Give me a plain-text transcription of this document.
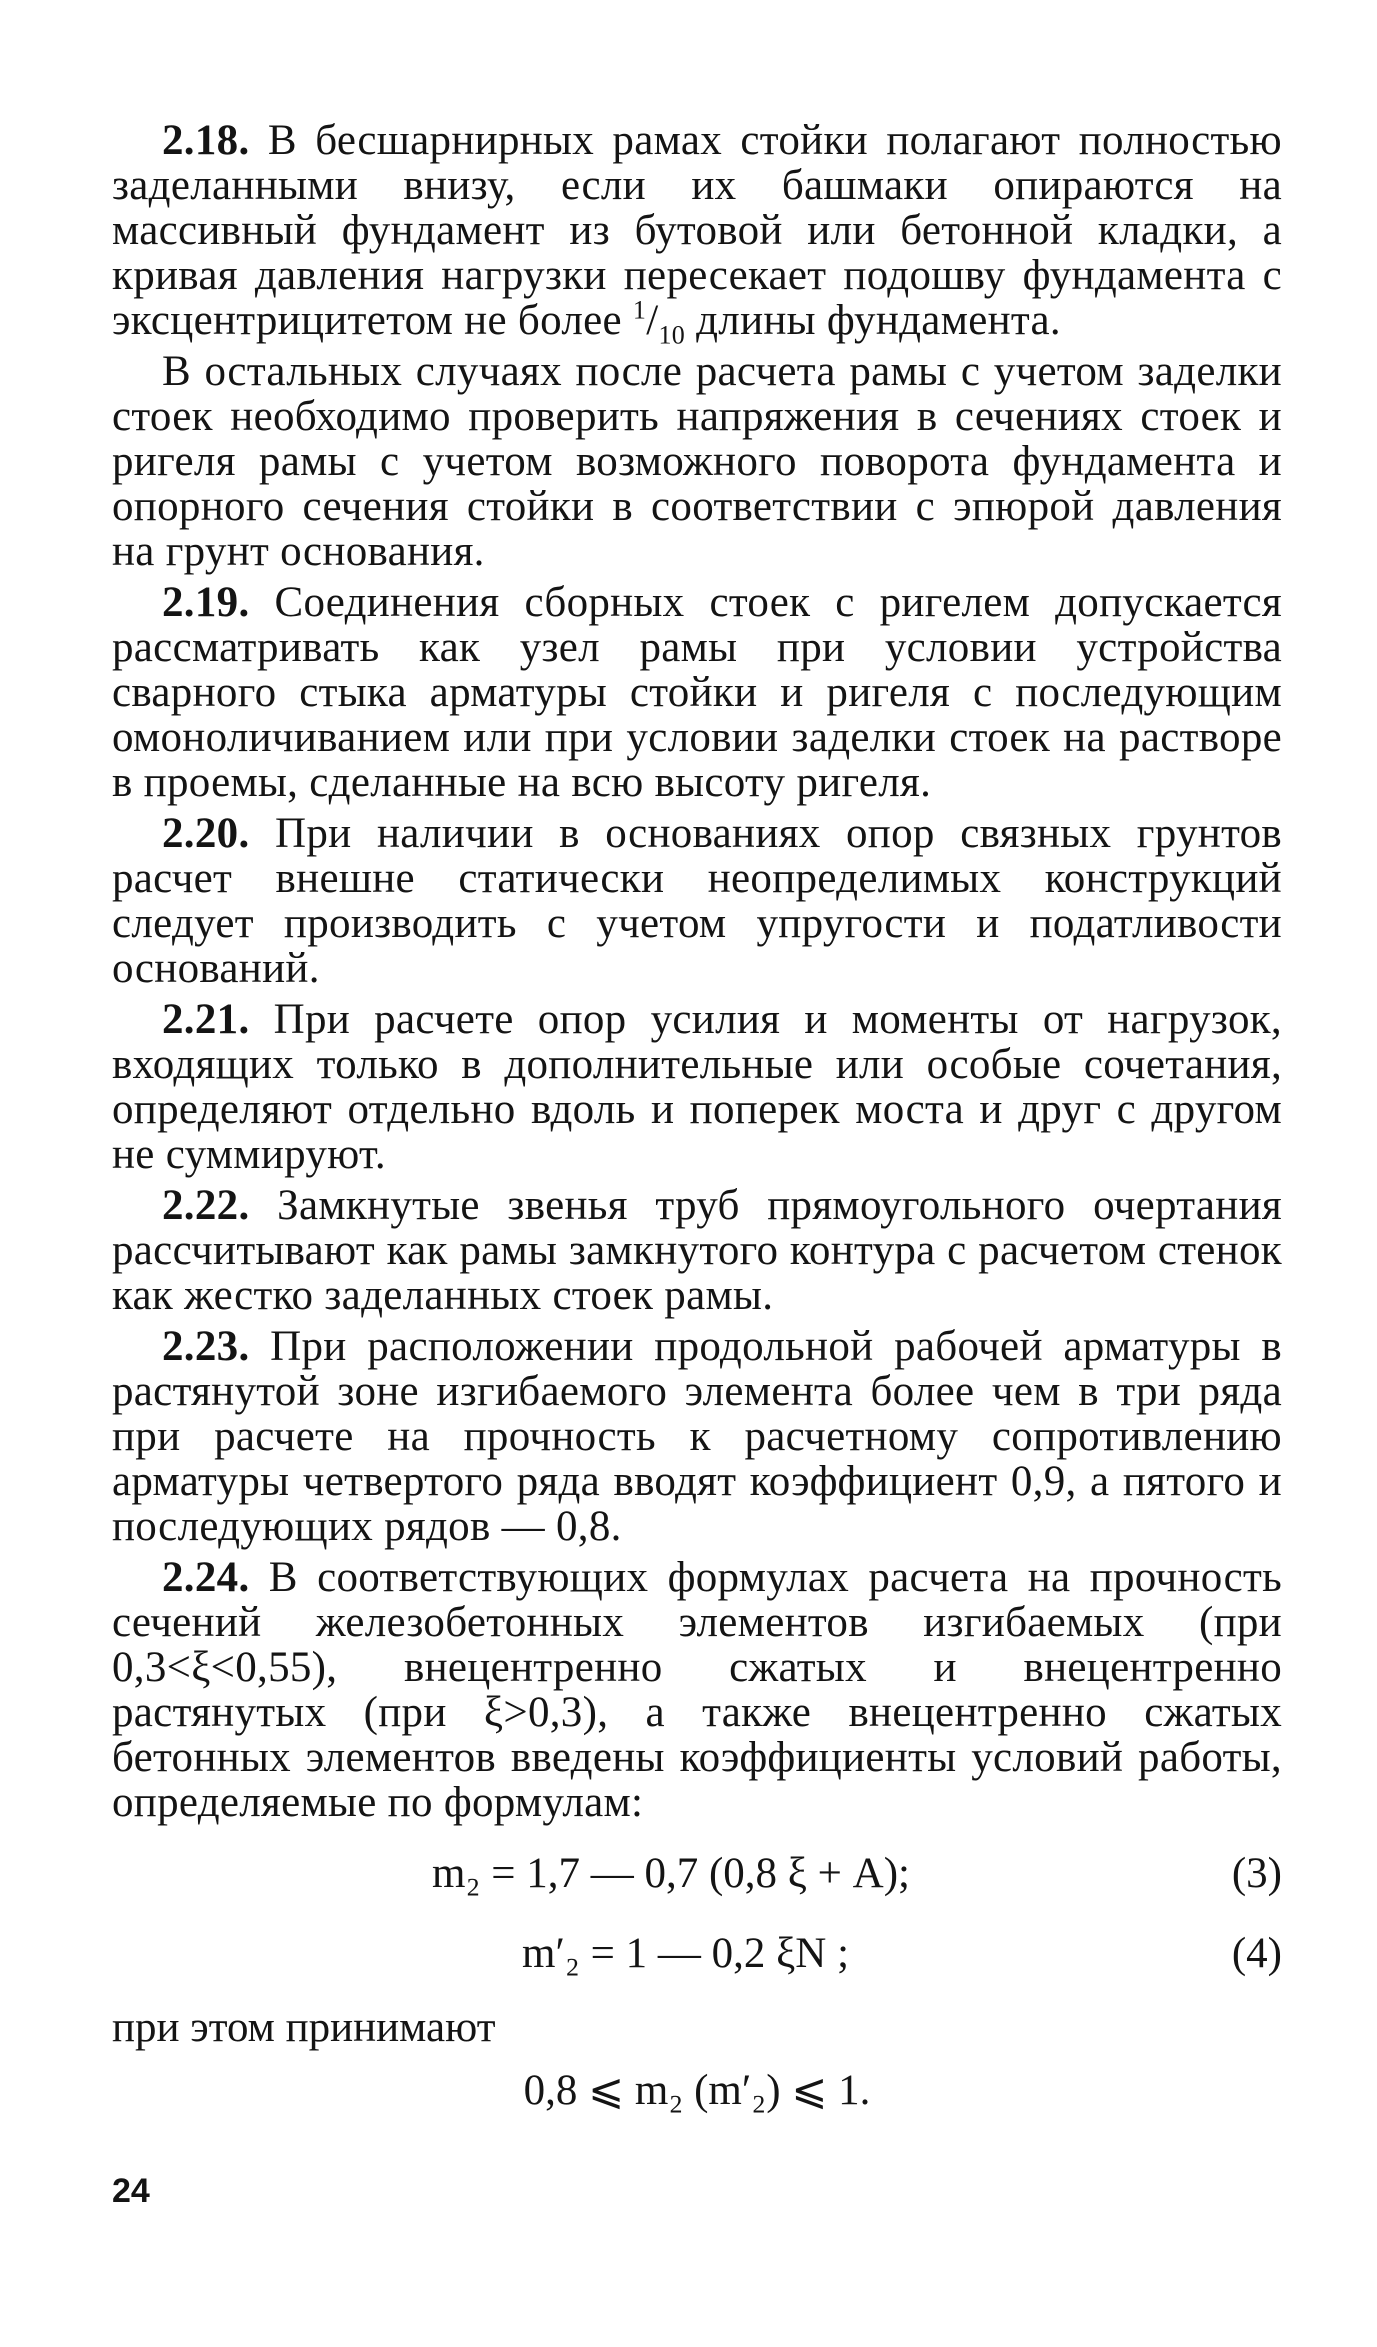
2.18. В бесшарнирных рамах стойки полагают полностью заделанными внизу, если их башмаки опираются на массивный фундамент из бутовой или бетонной кладки, а кривая давления нагрузки пересекает подошву фундамента с эксцентрицитетом не более $^1/_{10}$ длины фундамента.

В остальных случаях после расчета рамы с учетом заделки стоек необходимо проверить напряжения в сечениях стоек и ригеля рамы с учетом возможного поворота фундамента и опорного сечения стойки в соответствии с эпюрой давления на грунт основания.

2.19. Соединения сборных стоек с ригелем допускается рассматривать как узел рамы при условии устройства сварного стыка арматуры стойки и ригеля с последующим омоноличиванием или при условии заделки стоек на растворе в проемы, сделанные на всю высоту ригеля.

2.20. При наличии в основаниях опор связных грунтов расчет внешне статически неопределимых конструкций следует производить с учетом упругости и податливости оснований.

2.21. При расчете опор усилия и моменты от нагрузок, входящих только в дополнительные или особые сочетания, определяют отдельно вдоль и поперек моста и друг с другом не суммируют.

2.22. Замкнутые звенья труб прямоугольного очертания рассчитывают как рамы замкнутого контура с расчетом стенок как жестко заделанных стоек рамы.

2.23. При расположении продольной рабочей арматуры в растянутой зоне изгибаемого элемента более чем в три ряда при расчете на прочность к расчетному сопротивлению арматуры четвертого ряда вводят коэффициент 0,9, а пятого и последующих рядов — 0,8.

2.24. В соответствующих формулах расчета на прочность сечений железобетонных элементов изгибаемых (при 0,3<ξ<0,55), внецентренно сжатых и внецентренно растянутых (при ξ>0,3), а также внецентренно сжатых бетонных элементов введены коэффициенты условий работы, определяемые по формулам:

m₂ = 1,7 — 0,7 (0,8 ξ + A);	(3)
m′₂ = 1 — 0,2 ξN ;	(4)

при этом принимают

0,8 ⩽ m₂ (m′₂) ⩽ 1.

24
